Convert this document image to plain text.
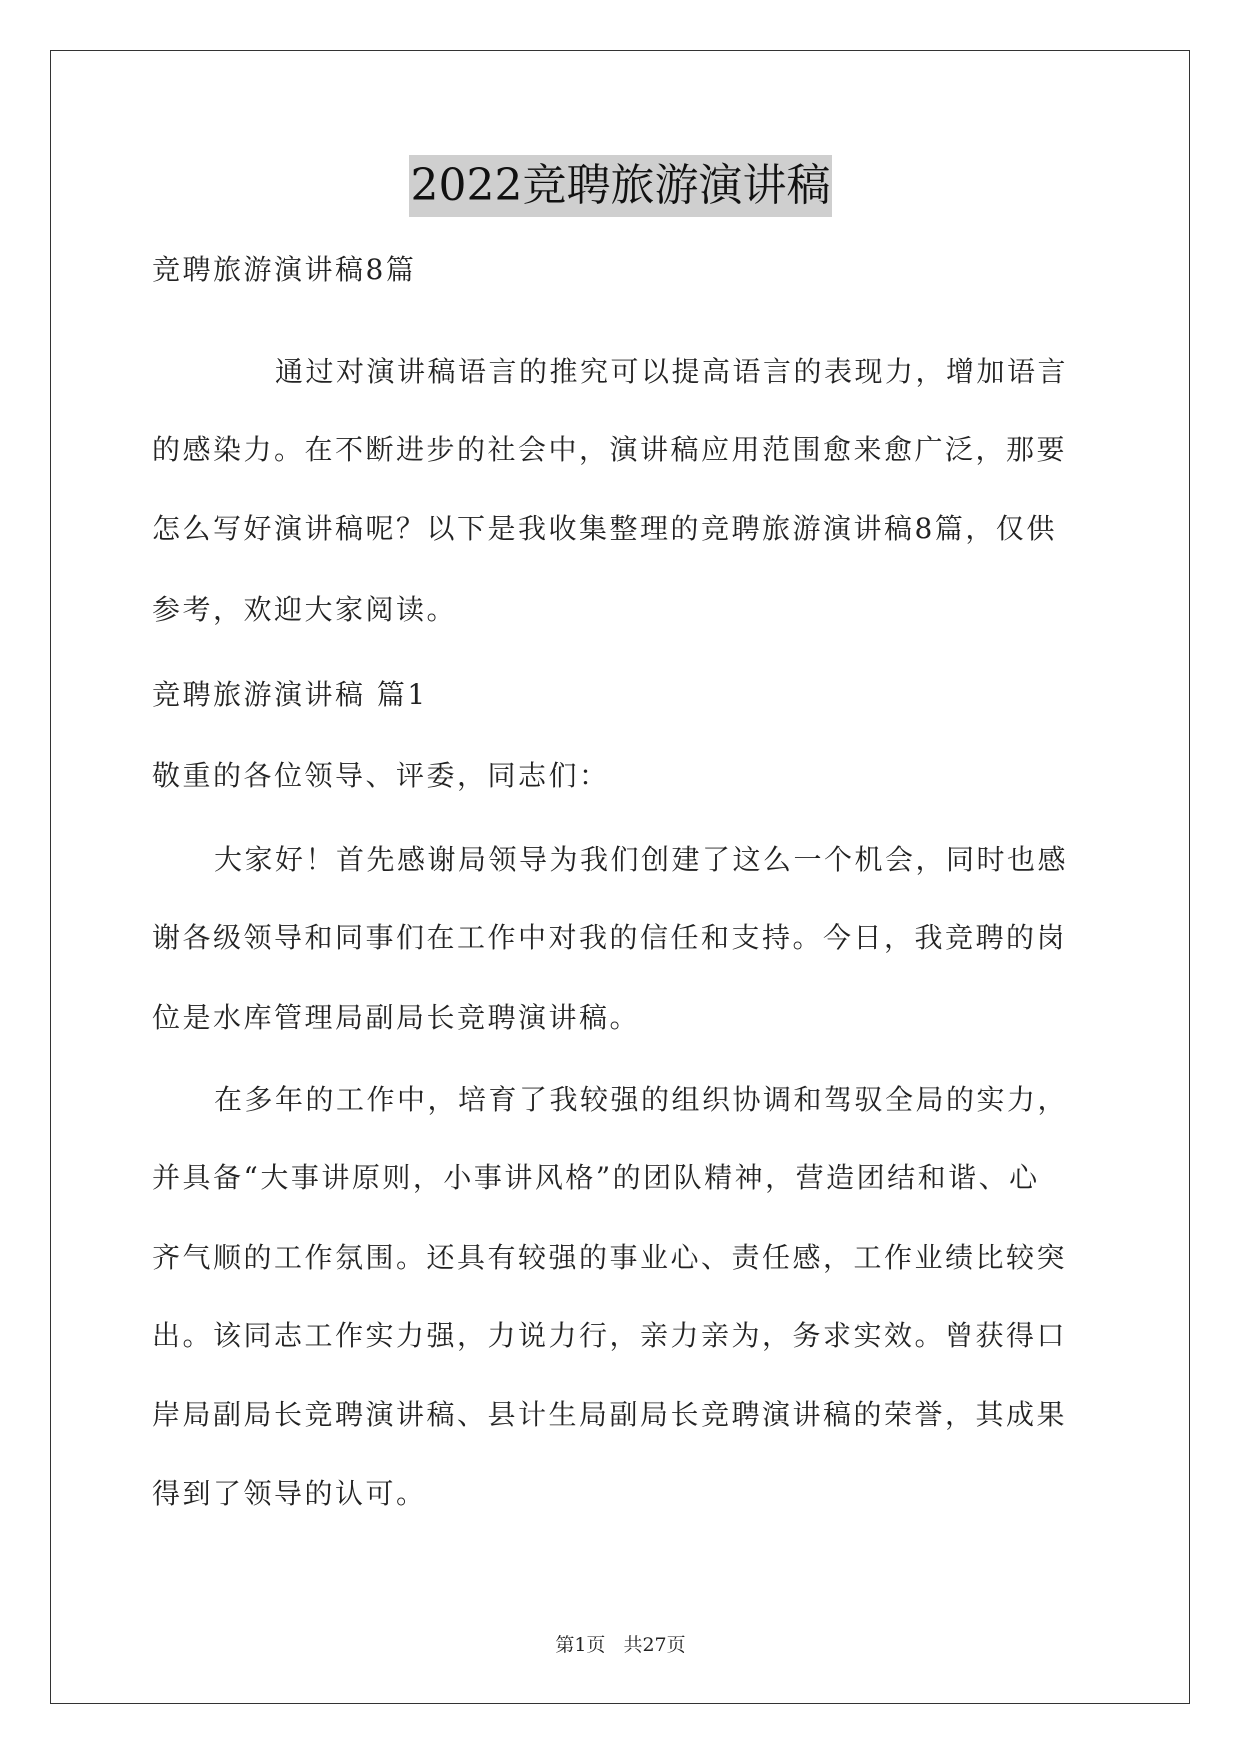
2022竞聘旅游演讲稿
竞聘旅游演讲稿8篇
通过对演讲稿语言的推究可以提高语言的表现力，增加语言
的感染力。在不断进步的社会中，演讲稿应用范围愈来愈广泛，那要
怎么写好演讲稿呢？以下是我收集整理的竞聘旅游演讲稿8篇，仅供
参考，欢迎大家阅读。
竞聘旅游演讲稿 篇1
敬重的各位领导、评委，同志们：
大家好！首先感谢局领导为我们创建了这么一个机会，同时也感
谢各级领导和同事们在工作中对我的信任和支持。今日，我竞聘的岗
位是水库管理局副局长竞聘演讲稿。
在多年的工作中，培育了我较强的组织协调和驾驭全局的实力，
并具备“大事讲原则，小事讲风格”的团队精神，营造团结和谐、心
齐气顺的工作氛围。还具有较强的事业心、责任感，工作业绩比较突
出。该同志工作实力强，力说力行，亲力亲为，务求实效。曾获得口
岸局副局长竞聘演讲稿、县计生局副局长竞聘演讲稿的荣誉，其成果
得到了领导的认可。
第1页 共27页
